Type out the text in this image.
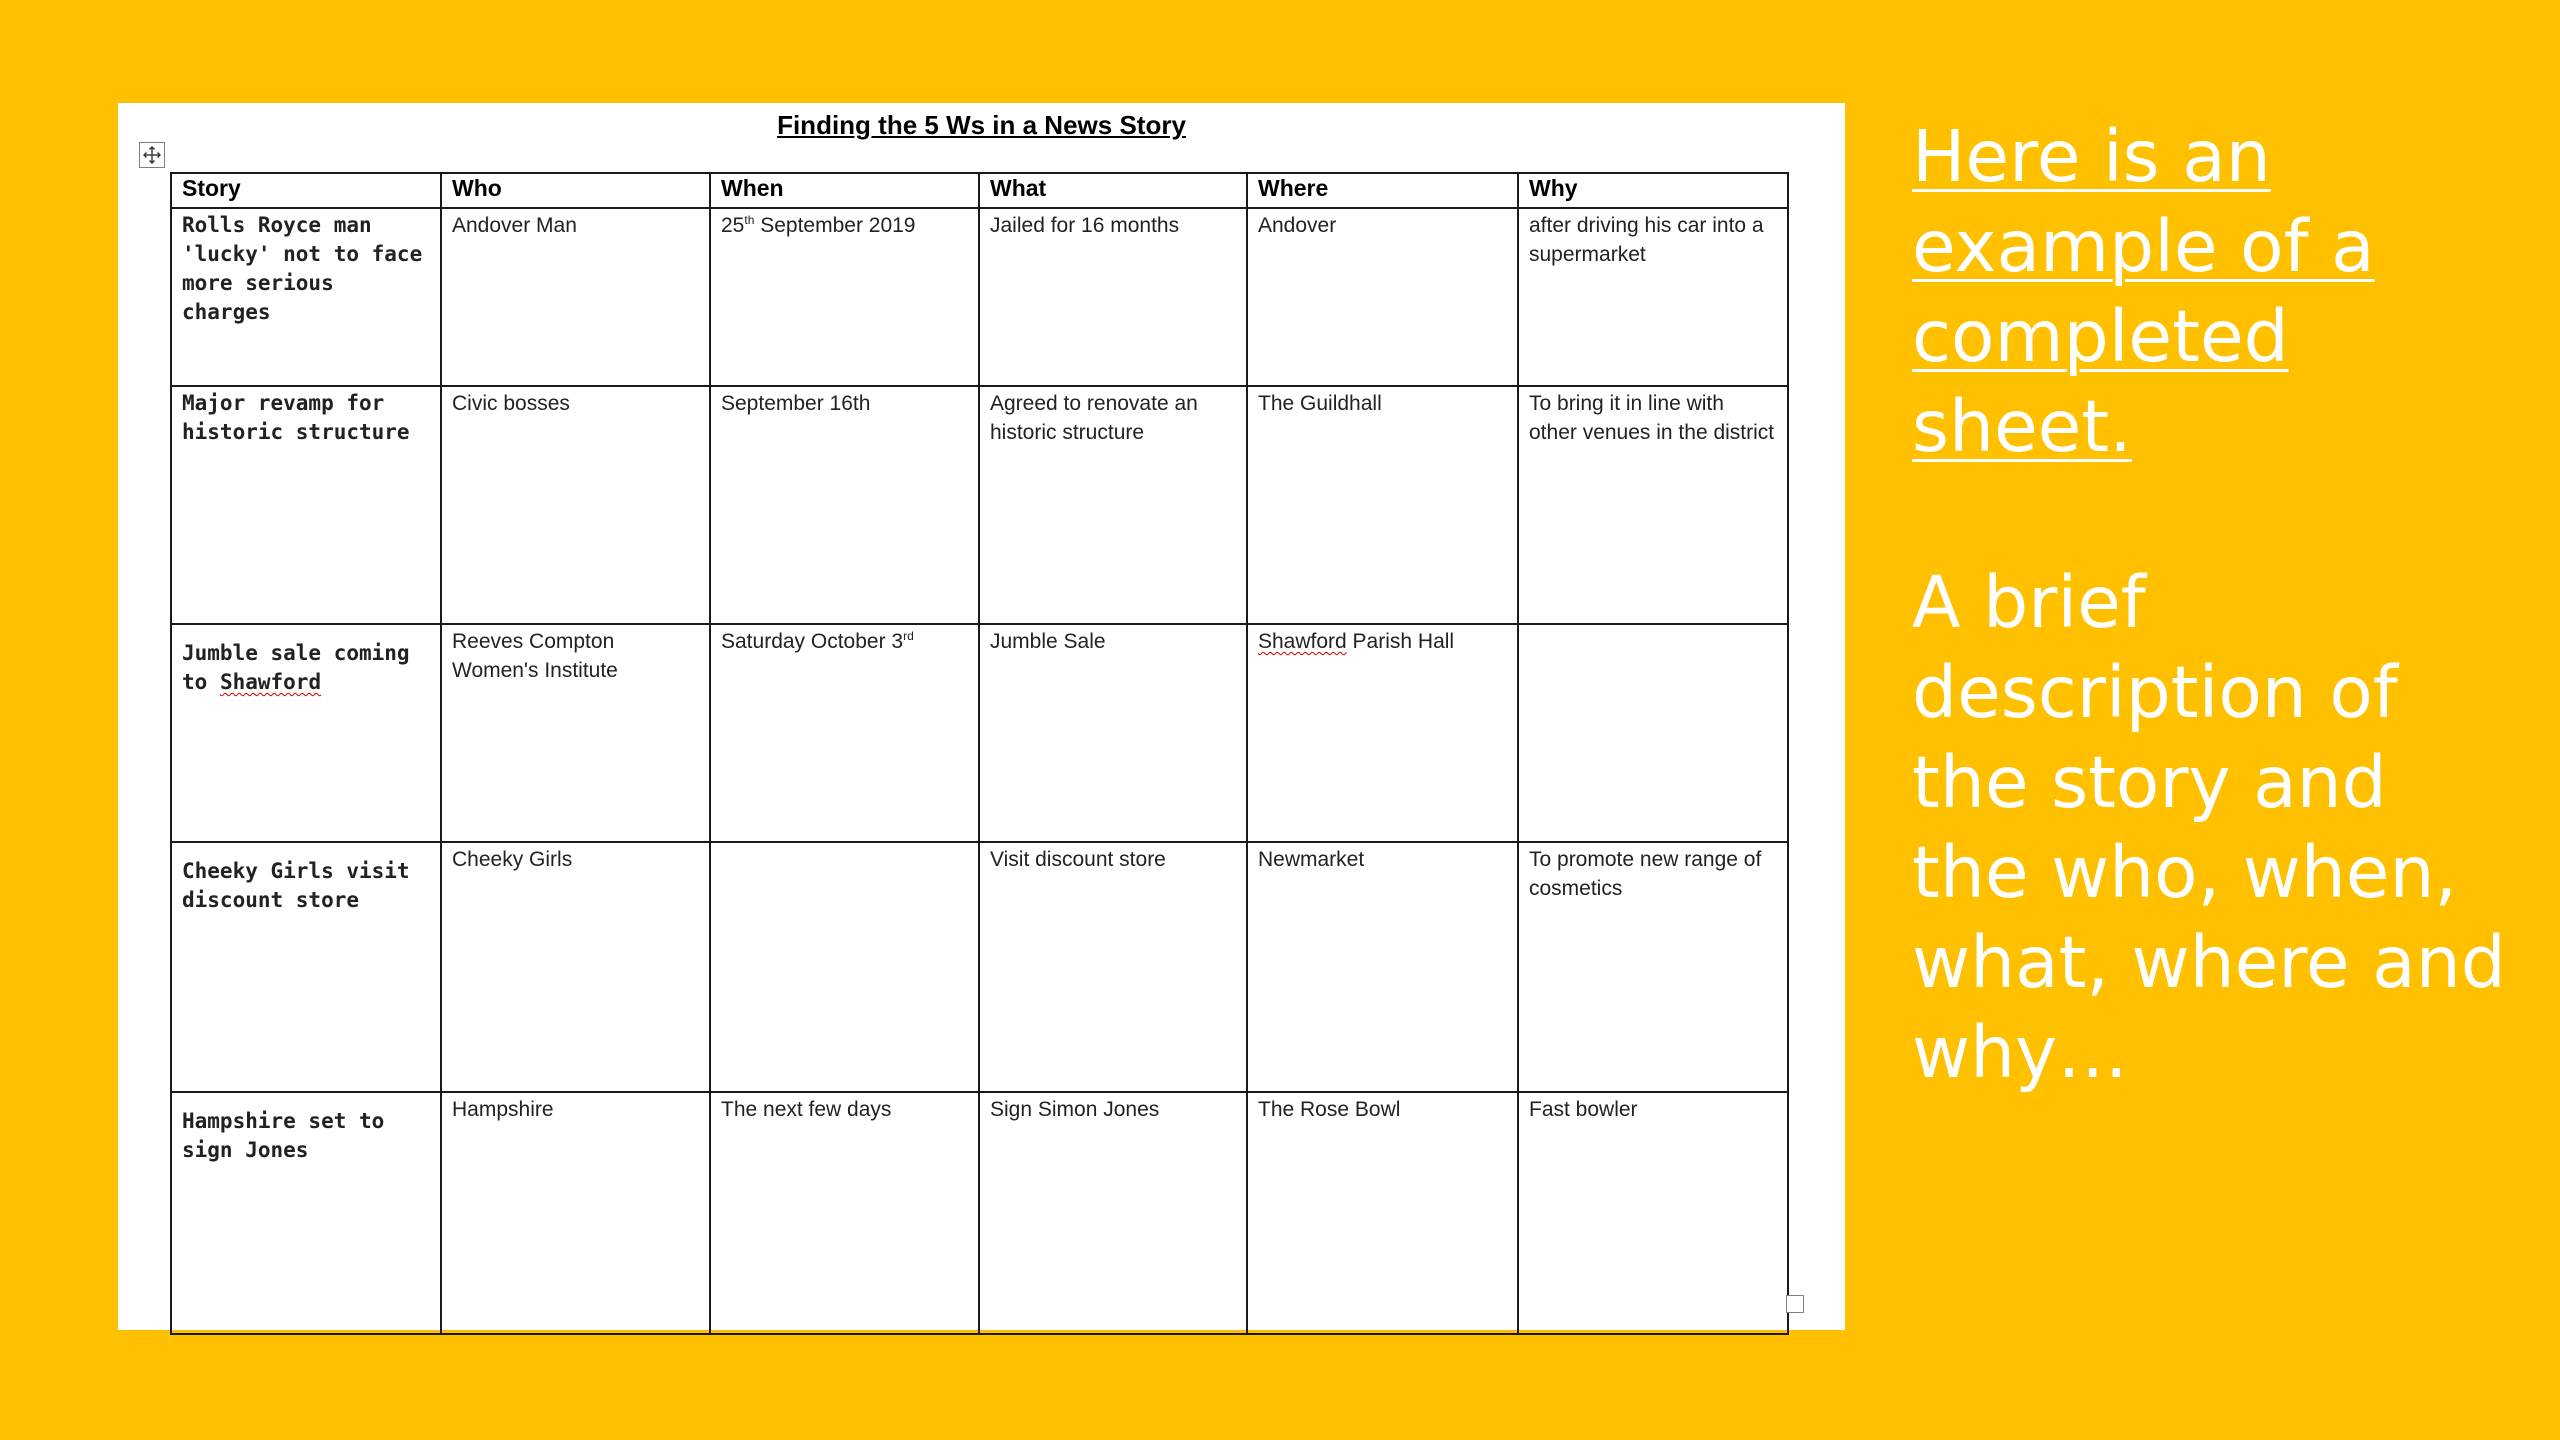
Finding the 5 Ws in a News Story
Story	Who	When	What	Where	Why
Rolls Royce man 'lucky' not to face more serious charges	Andover Man	25th September 2019	Jailed for 16 months	Andover	after driving his car into a supermarket
Major revamp for historic structure	Civic bosses	September 16th	Agreed to renovate an historic structure	The Guildhall	To bring it in line with other venues in the district
Jumble sale coming to Shawford	Reeves Compton Women's Institute	Saturday October 3rd	Jumble Sale	Shawford Parish Hall	
Cheeky Girls visit discount store	Cheeky Girls		Visit discount store	Newmarket	To promote new range of cosmetics
Hampshire set to sign Jones	Hampshire	The next few days	Sign Simon Jones	The Rose Bowl	Fast bowler

Here is an example of a completed sheet.

A brief description of the story and the who, when, what, where and why…
